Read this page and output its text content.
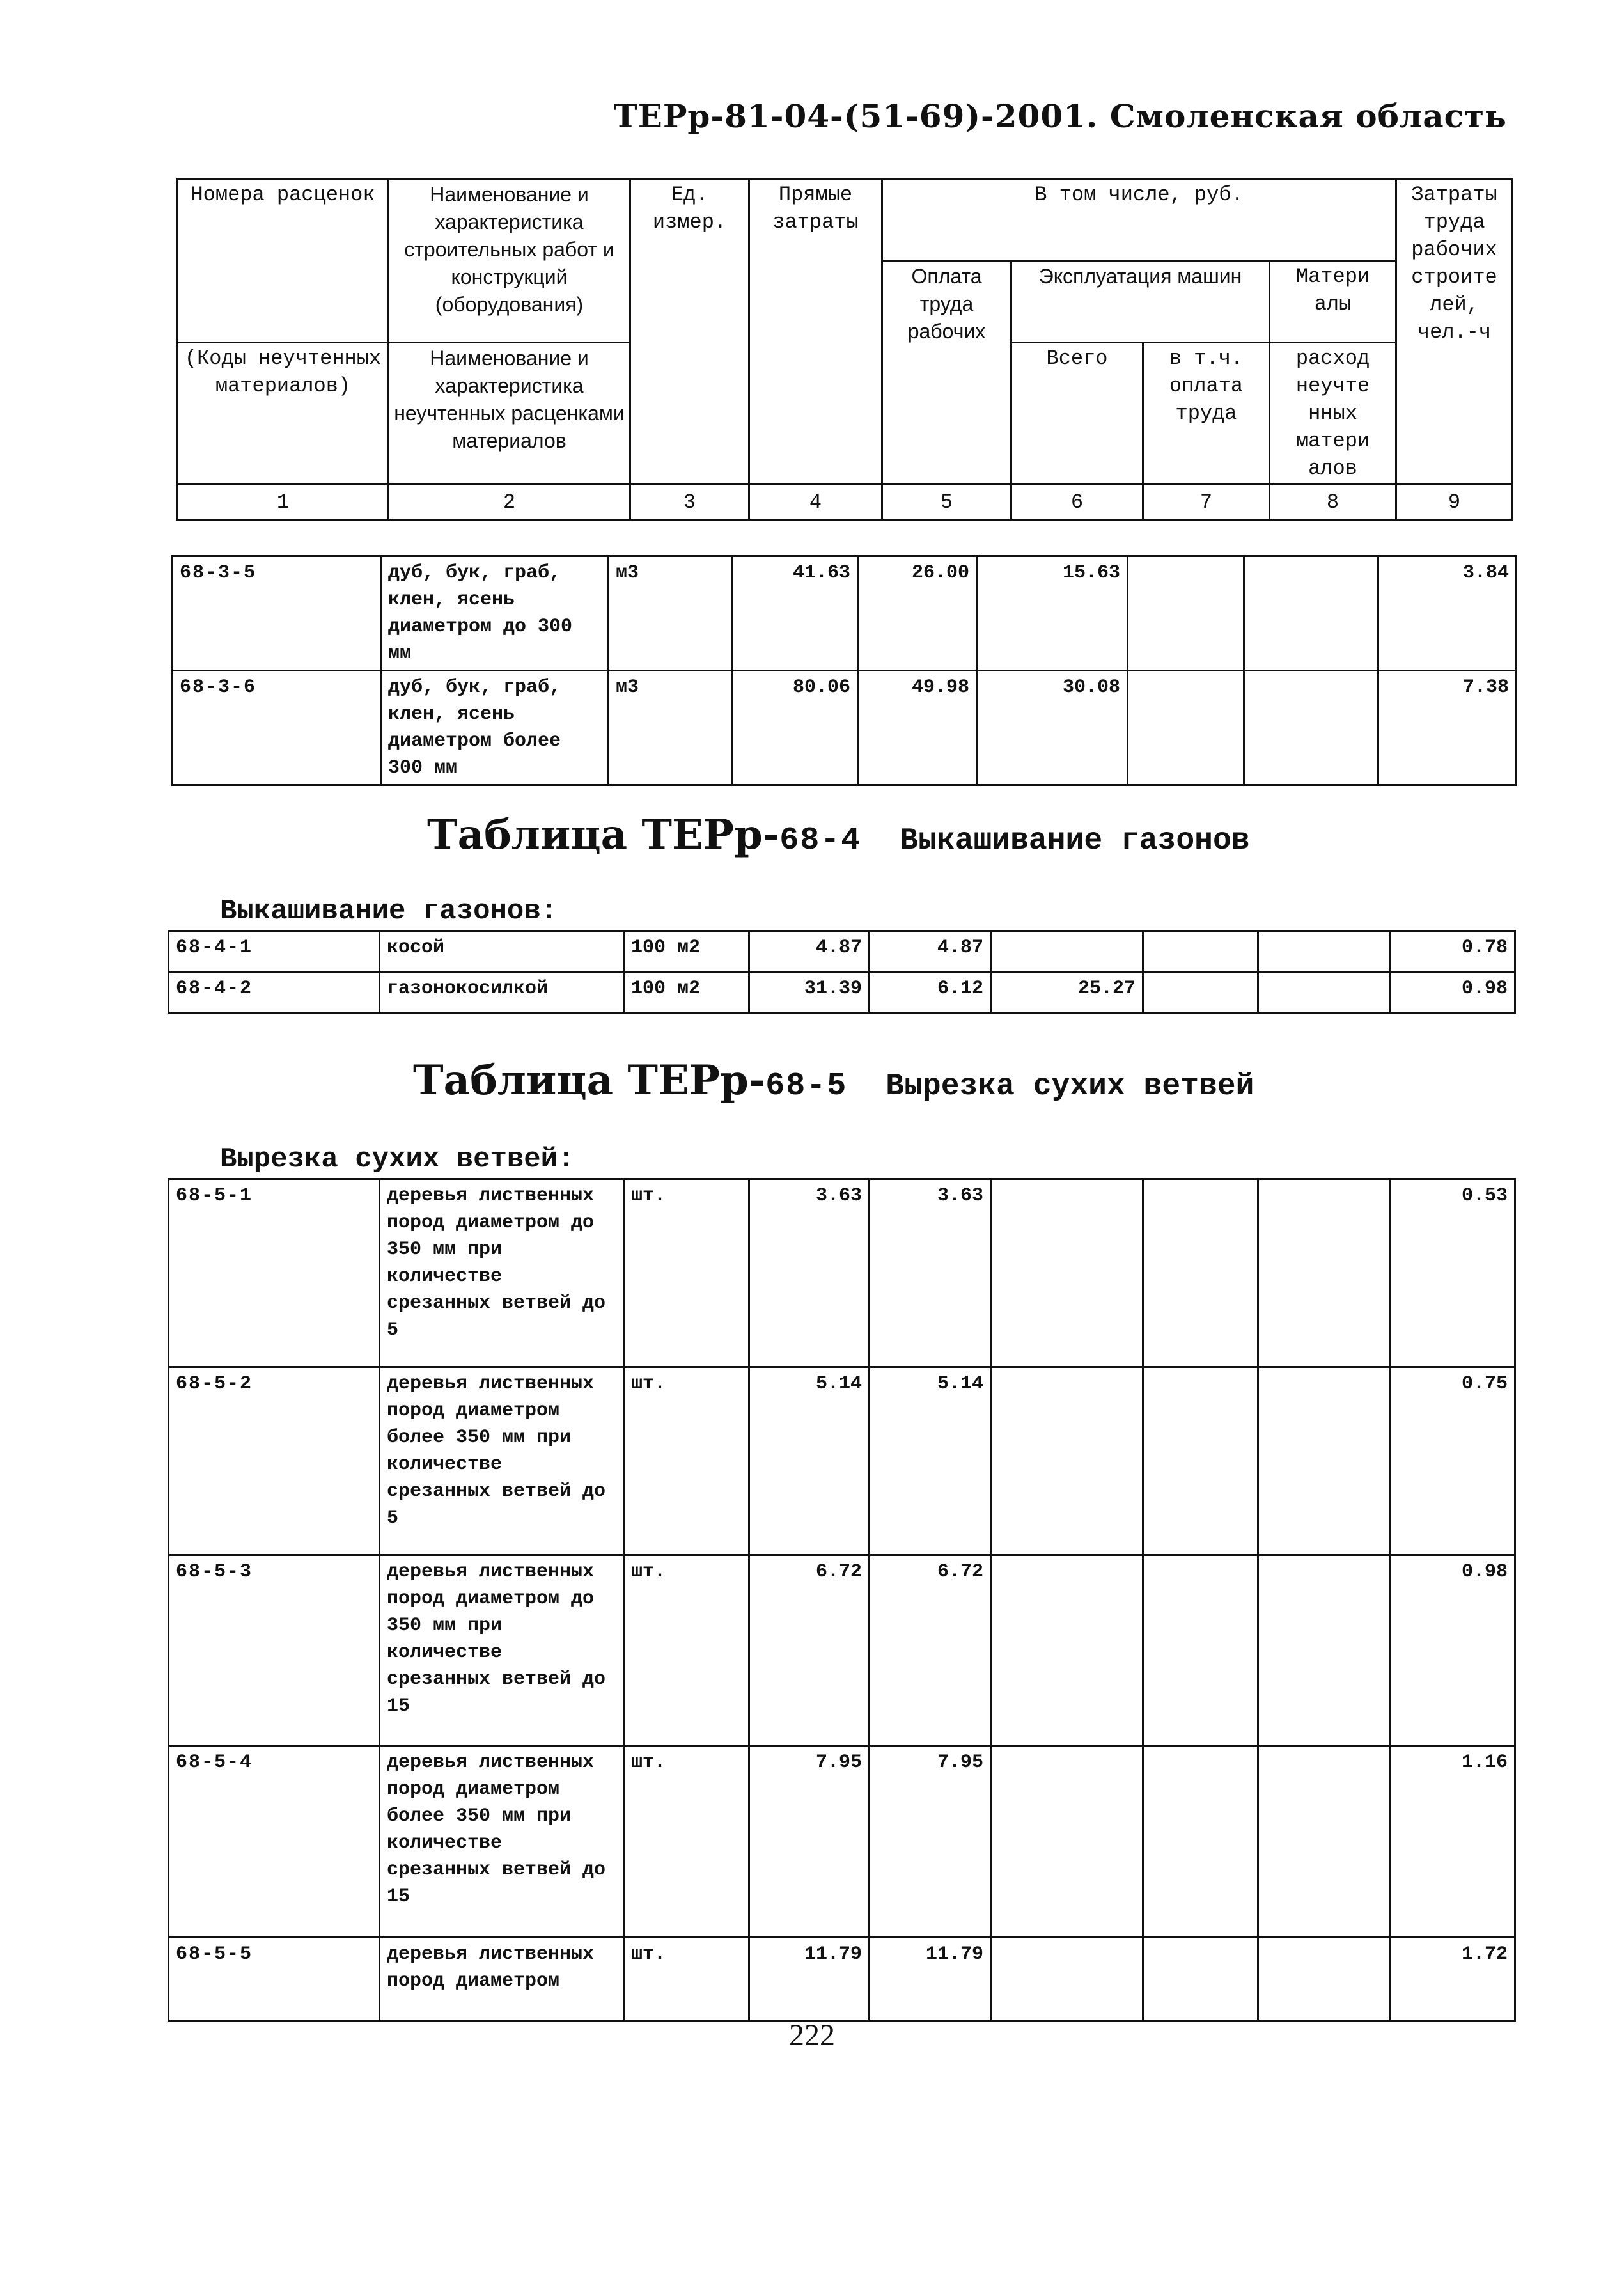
ТЕРр-81-04-(51-69)-2001. Смоленская область
Номера расценок	Наименование и характеристика строительных работ и конструкций (оборудования)	Ед. измер.	Прямые затраты	В том числе, руб.				Затраты труда рабочих строите лей, чел.-ч
				Оплата труда рабочих	Эксплуатация машин		Матери алы	
(Коды неучтенных материалов)	Наименование и характеристика неучтенных расценками материалов				Всего	в т.ч. оплата труда	расход неучте нных матери алов	
1	2	3	4	5	6	7	8	9
68-3-5	дуб, бук, граб, клен, ясень диаметром до 300 мм	м3	41.63	26.00	15.63			3.84
68-3-6	дуб, бук, граб, клен, ясень диаметром более 300 мм	м3	80.06	49.98	30.08			7.38
Таблица ТЕРр-68-4 Выкашивание газонов
Выкашивание газонов:
68-4-1	косой	100 м2	4.87	4.87				0.78
68-4-2	газонокосилкой	100 м2	31.39	6.12	25.27			0.98
Таблица ТЕРр-68-5 Вырезка сухих ветвей
Вырезка сухих ветвей:
68-5-1	деревья лиственных пород диаметром до 350 мм при количестве срезанных ветвей до 5	шт.	3.63	3.63				0.53
68-5-2	деревья лиственных пород диаметром более 350 мм при количестве срезанных ветвей до 5	шт.	5.14	5.14				0.75
68-5-3	деревья лиственных пород диаметром до 350 мм при количестве срезанных ветвей до 15	шт.	6.72	6.72				0.98
68-5-4	деревья лиственных пород диаметром более 350 мм при количестве срезанных ветвей до 15	шт.	7.95	7.95				1.16
68-5-5	деревья лиственных пород диаметром	шт.	11.79	11.79				1.72
222
